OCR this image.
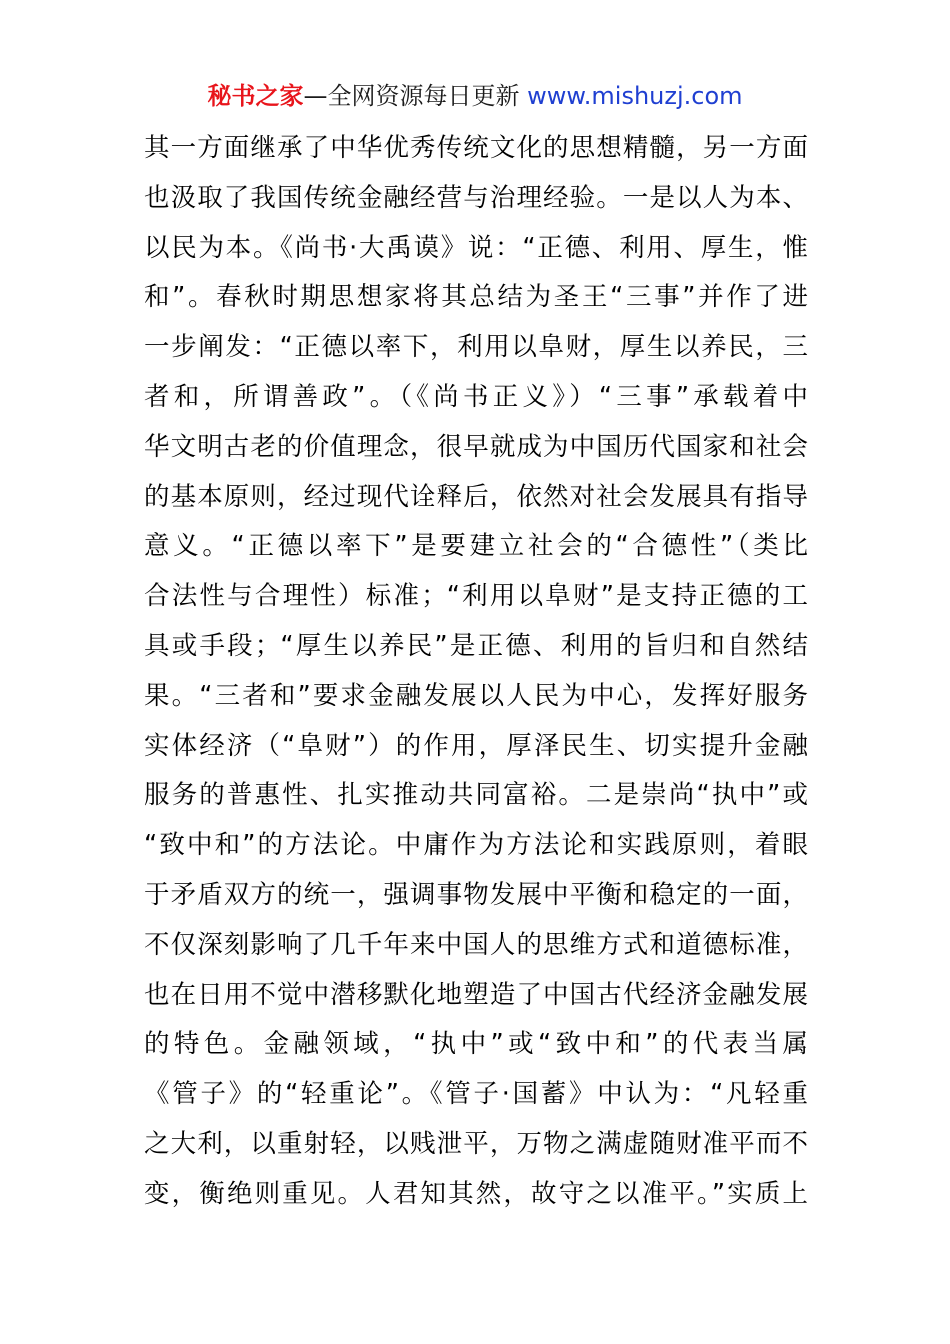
秘书之家—全网资源每日更新 www.mishuzj.com
其一方面继承了中华优秀传统文化的思想精髓，另一方面
也汲取了我国传统金融经营与治理经验。一是以人为本、
以民为本。《尚书·大禹谟》说：“正德、利用、厚生，惟
和”。春秋时期思想家将其总结为圣王“三事”并作了进
一步阐发：“正德以率下，利用以阜财，厚生以养民，三
者和，所谓善政”。（《尚书正义》）“三事”承载着中
华文明古老的价值理念，很早就成为中国历代国家和社会
的基本原则，经过现代诠释后，依然对社会发展具有指导
意义。“正德以率下”是要建立社会的“合德性”（类比
合法性与合理性）标准；“利用以阜财”是支持正德的工
具或手段；“厚生以养民”是正德、利用的旨归和自然结
果。“三者和”要求金融发展以人民为中心，发挥好服务
实体经济（“阜财”）的作用，厚泽民生、切实提升金融
服务的普惠性、扎实推动共同富裕。二是崇尚“执中”或
“致中和”的方法论。中庸作为方法论和实践原则，着眼
于矛盾双方的统一，强调事物发展中平衡和稳定的一面，
不仅深刻影响了几千年来中国人的思维方式和道德标准，
也在日用不觉中潜移默化地塑造了中国古代经济金融发展
的特色。金融领域，“执中”或“致中和”的代表当属
《管子》的“轻重论”。《管子·国蓄》中认为：“凡轻重
之大利，以重射轻，以贱泄平，万物之满虚随财准平而不
变，衡绝则重见。人君知其然，故守之以准平。”实质上
